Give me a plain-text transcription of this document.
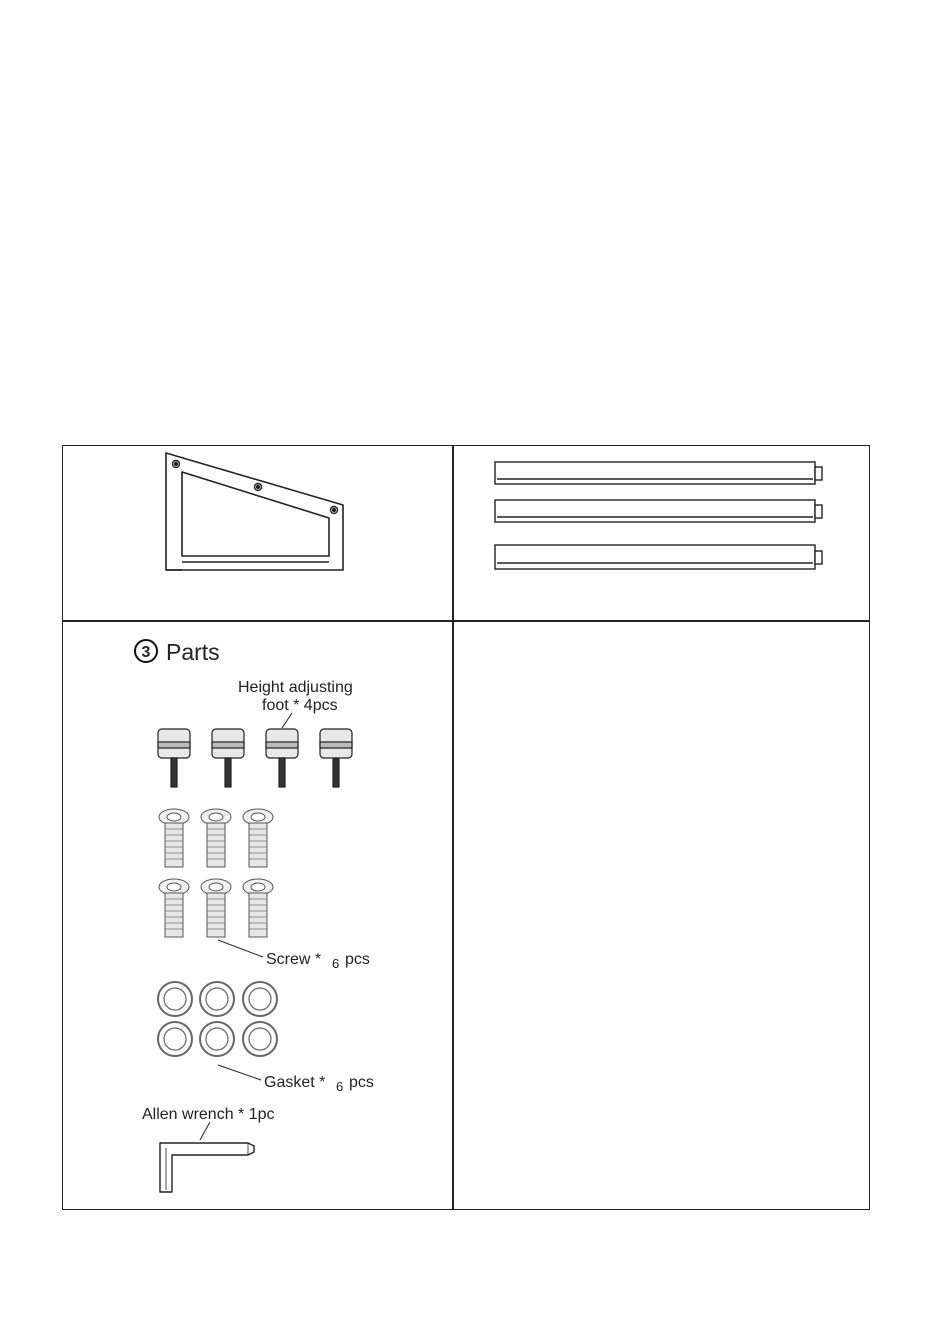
3 Parts
Height adjusting
foot * 4pcs
Screw * 6 pcs
Gasket * 6 pcs
Allen wrench * 1pc
